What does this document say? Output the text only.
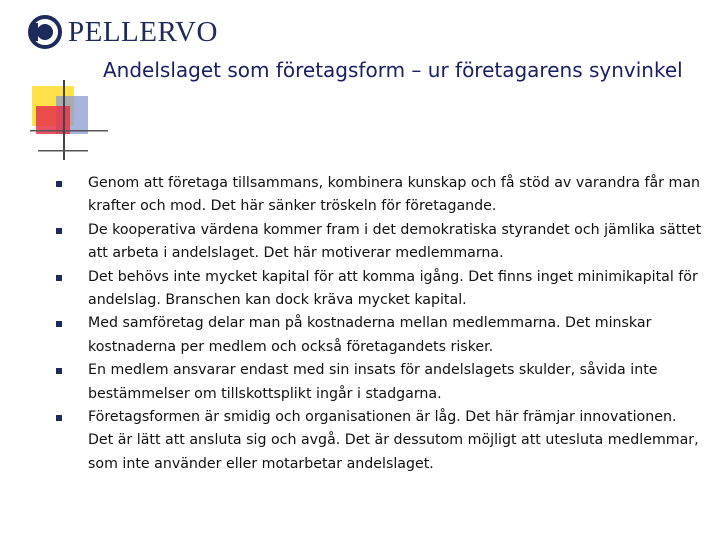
PELLERVO
Andelslaget som företagsform – ur företagarens synvinkel
Genom att företaga tillsammans, kombinera kunskap och få stöd av varandra får man krafter och mod. Det här sänker tröskeln för företagande.
De kooperativa värdena kommer fram i det demokratiska styrandet och jämlika sättet att arbeta i andelslaget. Det här motiverar medlemmarna.
Det behövs inte mycket kapital för att komma igång. Det finns inget minimikapital för andelslag. Branschen kan dock kräva mycket kapital.
Med samföretag delar man på kostnaderna mellan medlemmarna. Det minskar kostnaderna per medlem och också företagandets risker.
En medlem ansvarar endast med sin insats för andelslagets skulder, såvida inte bestämmelser om tillskottsplikt ingår i stadgarna.
Företagsformen är smidig och organisationen är låg. Det här främjar innovationen. Det är lätt att ansluta sig och avgå. Det är dessutom möjligt att utesluta medlemmar, som inte använder eller motarbetar andelslaget.
